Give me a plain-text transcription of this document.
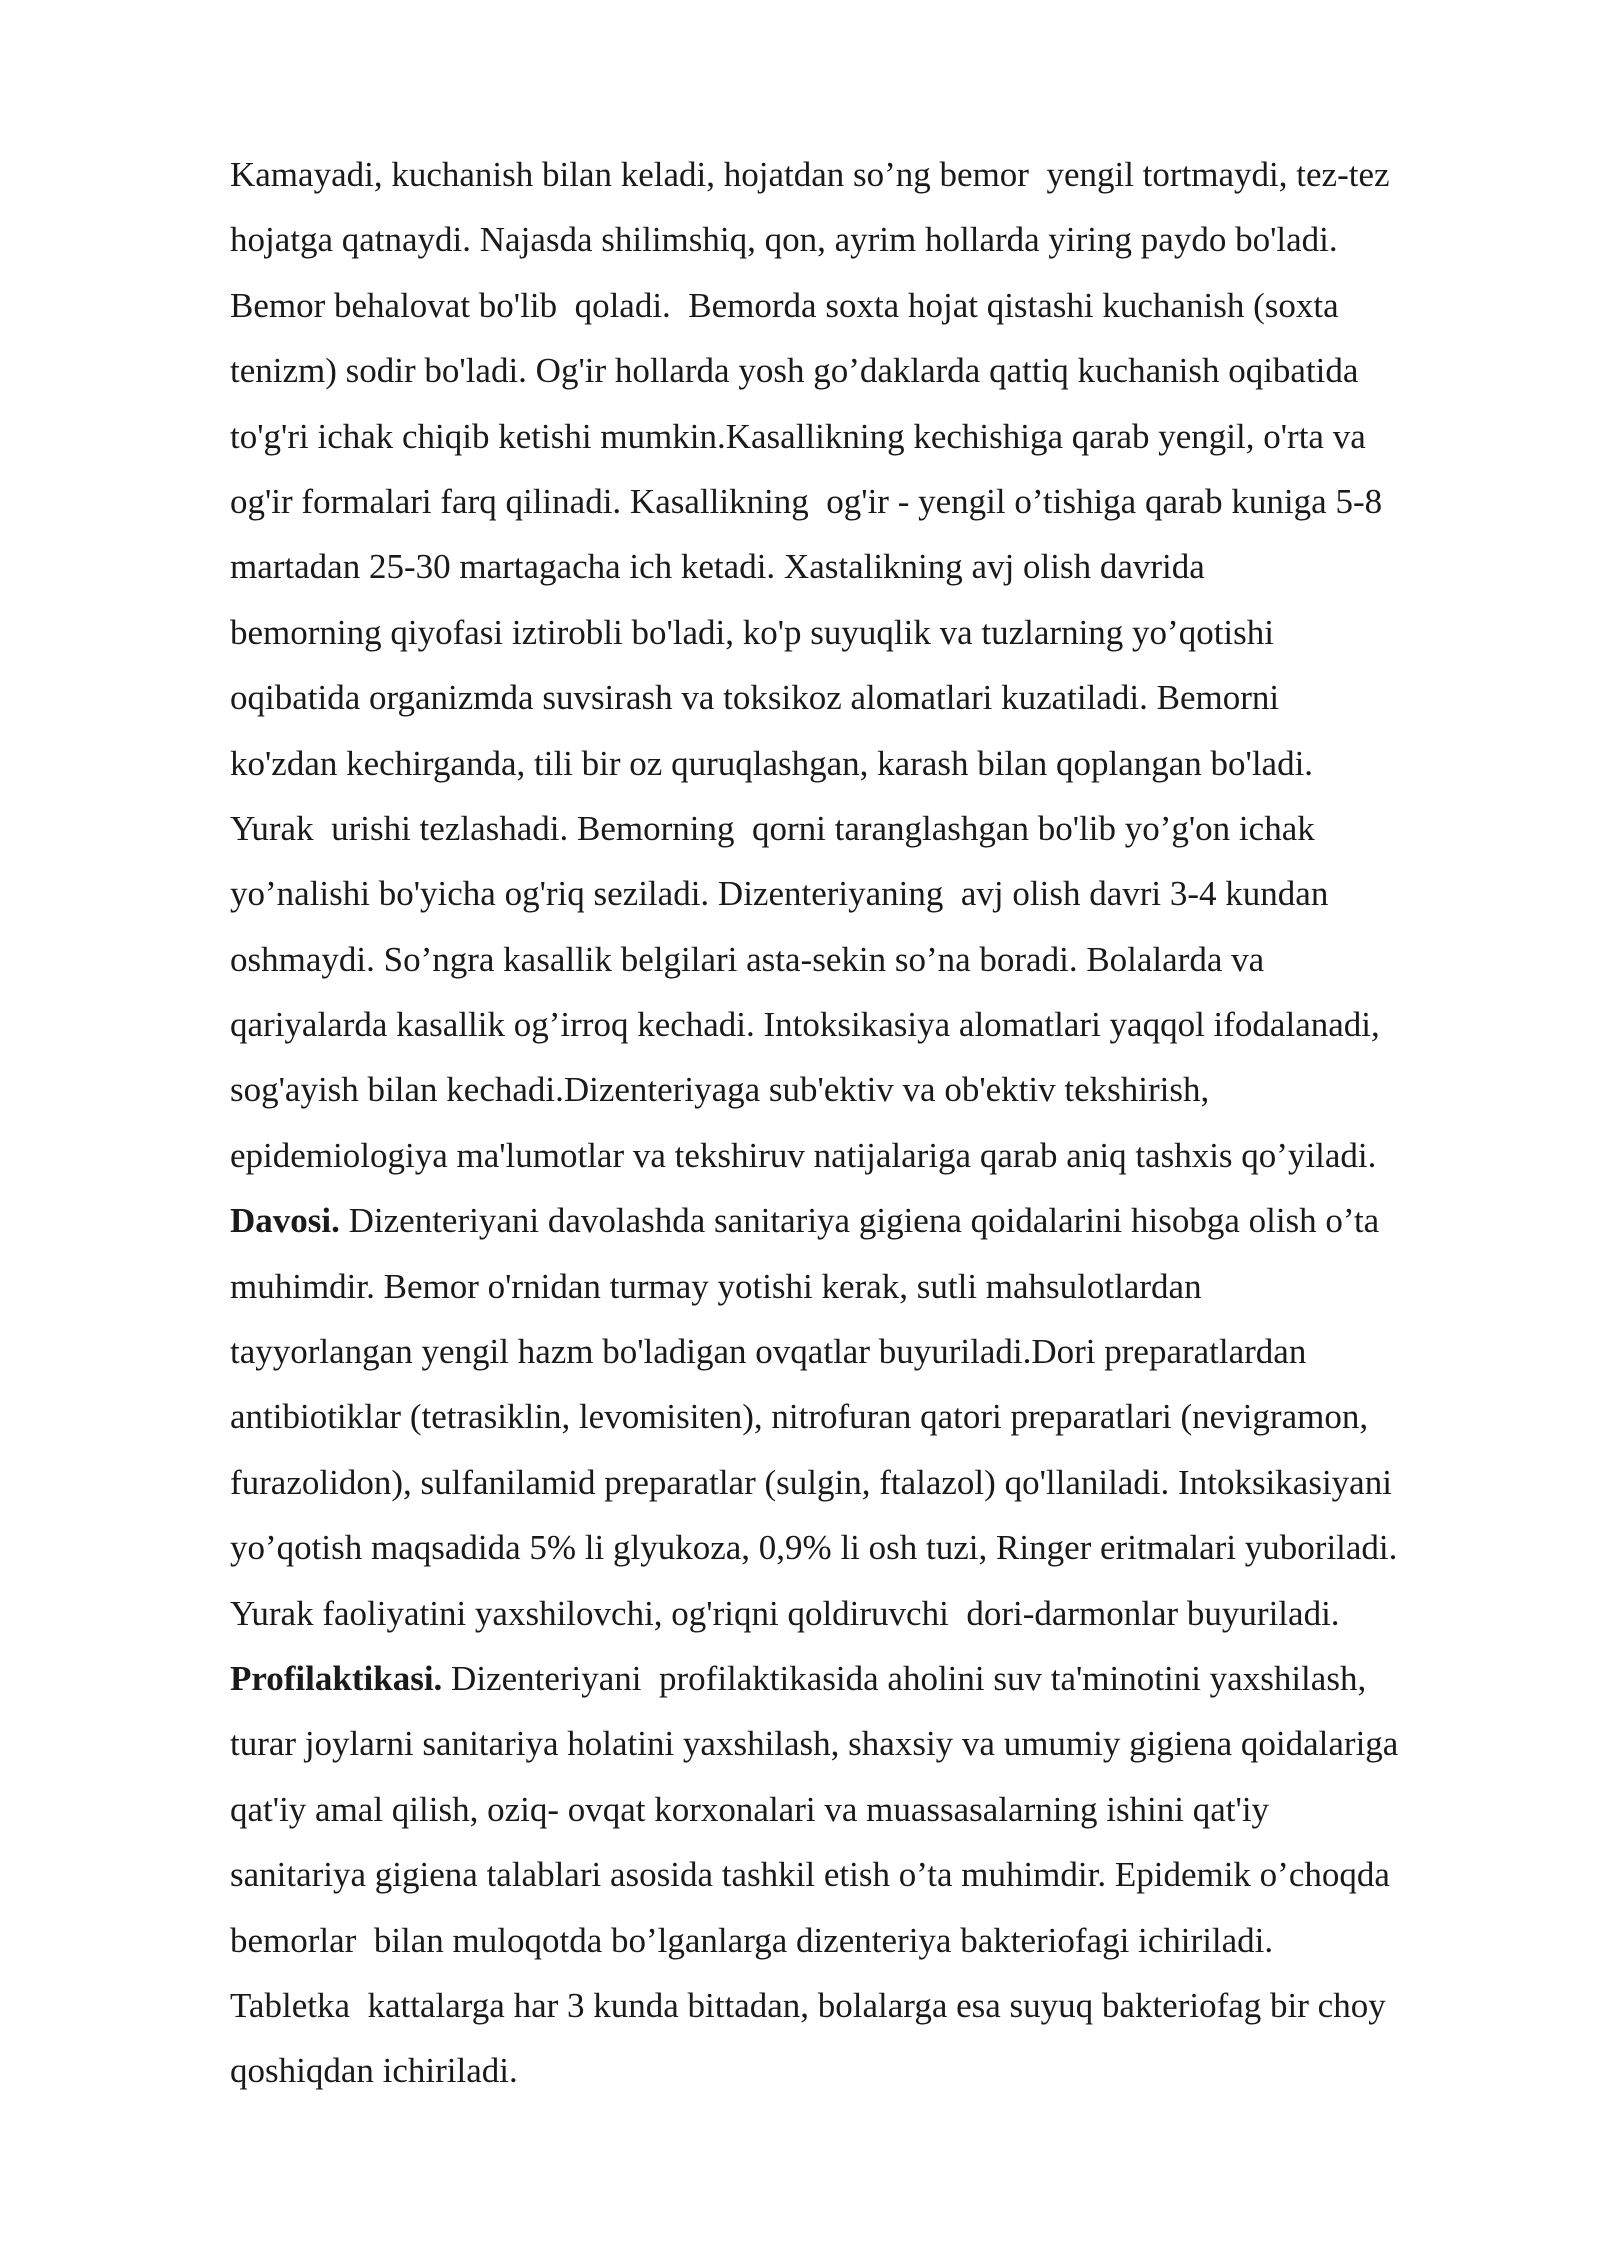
Kamayadi, kuchanish bilan keladi, hojatdan so’ng bemor  yengil tortmaydi, tez-tez
hojatga qatnaydi. Najasda shilimshiq, qon, ayrim hollarda yiring paydo bo'ladi.
Bemor behalovat bo'lib  qoladi.  Bemorda soxta hojat qistashi kuchanish (soxta
tenizm) sodir bo'ladi. Og'ir hollarda yosh go’daklarda qattiq kuchanish oqibatida
to'g'ri ichak chiqib ketishi mumkin.Kasallikning kechishiga qarab yengil, o'rta va
og'ir formalari farq qilinadi. Kasallikning  og'ir - yengil o’tishiga qarab kuniga 5-8
martadan 25-30 martagacha ich ketadi. Xastalikning avj olish davrida
bemorning qiyofasi iztirobli bo'ladi, ko'p suyuqlik va tuzlarning yo’qotishi
oqibatida organizmda suvsirash va toksikoz alomatlari kuzatiladi. Bemorni
ko'zdan kechirganda, tili bir oz quruqlashgan, karash bilan qoplangan bo'ladi.
Yurak  urishi tezlashadi. Bemorning  qorni taranglashgan bo'lib yo’g'on ichak
yo’nalishi bo'yicha og'riq seziladi. Dizenteriyaning  avj olish davri 3-4 kundan
oshmaydi. So’ngra kasallik belgilari asta-sekin so’na boradi. Bolalarda va
qariyalarda kasallik og’irroq kechadi. Intoksikasiya alomatlari yaqqol ifodalanadi,
sog'ayish bilan kechadi.Dizenteriyaga sub'ektiv va ob'ektiv tekshirish,
epidemiologiya ma'lumotlar va tekshiruv natijalariga qarab aniq tashxis qo’yiladi.
Davosi. Dizenteriyani davolashda sanitariya gigiena qoidalarini hisobga olish o’ta
muhimdir. Bemor o'rnidan turmay yotishi kerak, sutli mahsulotlardan
tayyorlangan yengil hazm bo'ladigan ovqatlar buyuriladi.Dori preparatlardan
antibiotiklar (tetrasiklin, levomisiten), nitrofuran qatori preparatlari (nevigramon,
furazolidon), sulfanilamid preparatlar (sulgin, ftalazol) qo'llaniladi. Intoksikasiyani
yo’qotish maqsadida 5% li glyukoza, 0,9% li osh tuzi, Ringer eritmalari yuboriladi.
Yurak faoliyatini yaxshilovchi, og'riqni qoldiruvchi  dori-darmonlar buyuriladi.
Profilaktikasi. Dizenteriyani  profilaktikasida aholini suv ta'minotini yaxshilash,
turar joylarni sanitariya holatini yaxshilash, shaxsiy va umumiy gigiena qoidalariga
qat'iy amal qilish, oziq- ovqat korxonalari va muassasalarning ishini qat'iy
sanitariya gigiena talablari asosida tashkil etish o’ta muhimdir. Epidemik o’choqda
bemorlar  bilan muloqotda bo’lganlarga dizenteriya bakteriofagi ichiriladi.
Tabletka  kattalarga har 3 kunda bittadan, bolalarga esa suyuq bakteriofag bir choy
qoshiqdan ichiriladi.
